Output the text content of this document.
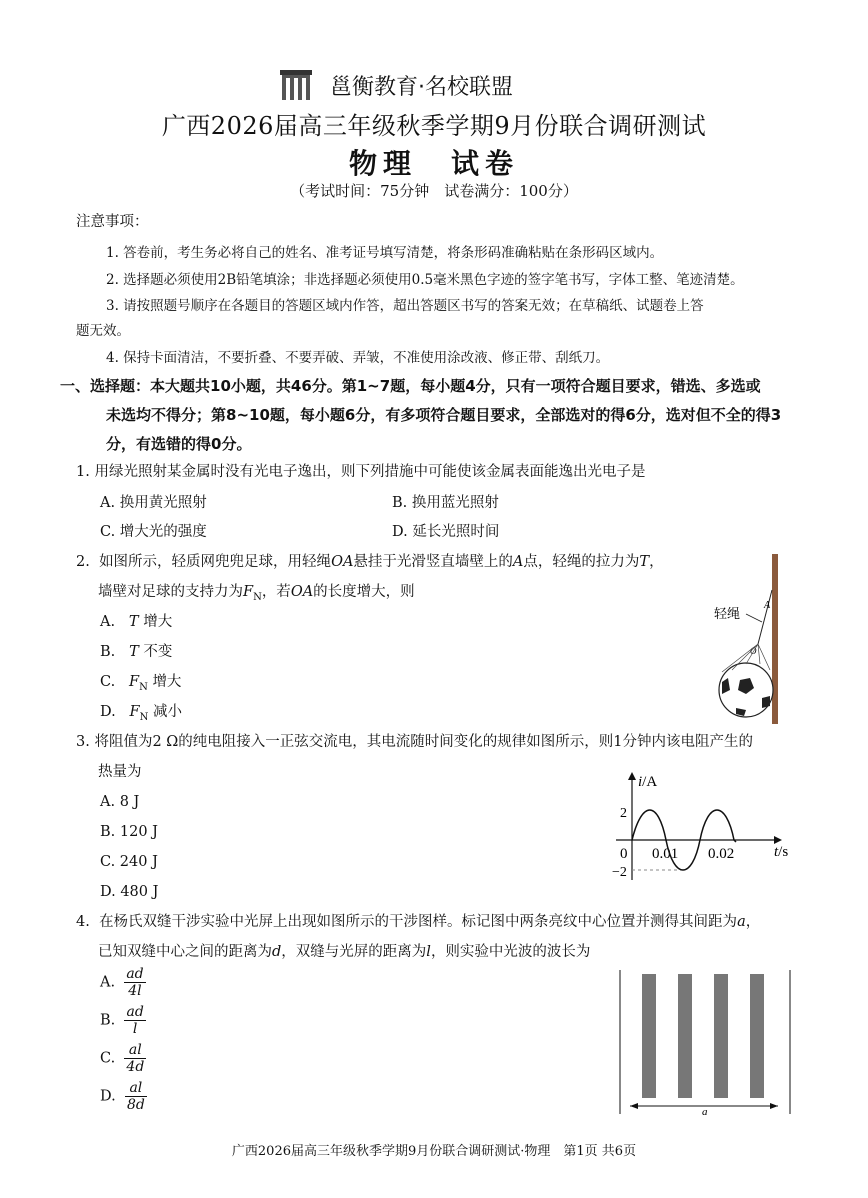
邕衡教育·名校联盟
广西2026届高三年级秋季学期9月份联合调研测试
物理　试卷
（考试时间：75分钟　试卷满分：100分）
注意事项：
1. 答卷前，考生务必将自己的姓名、准考证号填写清楚，将条形码准确粘贴在条形码区域内。
2. 选择题必须使用2B铅笔填涂；非选择题必须使用0.5毫米黑色字迹的签字笔书写，字体工整、笔迹清楚。
3. 请按照题号顺序在各题目的答题区域内作答，超出答题区书写的答案无效；在草稿纸、试题卷上答
题无效。
4. 保持卡面清洁，不要折叠、不要弄破、弄皱，不准使用涂改液、修正带、刮纸刀。
一、选择题：本大题共10小题，共46分。第1~7题，每小题4分，只有一项符合题目要求，错选、多选或
未选均不得分；第8~10题，每小题6分，有多项符合题目要求，全部选对的得6分，选对但不全的得3
分，有选错的得0分。
1. 用绿光照射某金属时没有光电子逸出，则下列措施中可能使该金属表面能逸出光电子是
A. 换用黄光照射	B. 换用蓝光照射
C. 增大光的强度	D. 延长光照时间
2. 如图所示，轻质网兜兜足球，用轻绳OA悬挂于光滑竖直墙壁上的A点，轻绳的拉力为T，
墙壁对足球的支持力为$F_N$，若OA的长度增大，则
A. T 增大
B. T 不变
C. $F_N$ 增大
D. $F_N$ 减小
A
轻绳
O
3. 将阻值为2 Ω的纯电阻接入一正弦交流电，其电流随时间变化的规律如图所示，则1分钟内该电阻产生的
热量为
A. 8 J
B. 120 J
C. 240 J
D. 480 J
i/A
t/s
2
−2
0 0.01 0.02
4. 在杨氏双缝干涉实验中光屏上出现如图所示的干涉图样。标记图中两条亮纹中心位置并测得其间距为a，
已知双缝中心之间的距离为d，双缝与光屏的距离为l，则实验中光波的波长为
A. $\frac{ad}{4l}$
B. $\frac{ad}{l}$
C. $\frac{al}{4d}$
D. $\frac{al}{8d}$	a
广西2026届高三年级秋季学期9月份联合调研测试·物理　第1页 共6页
